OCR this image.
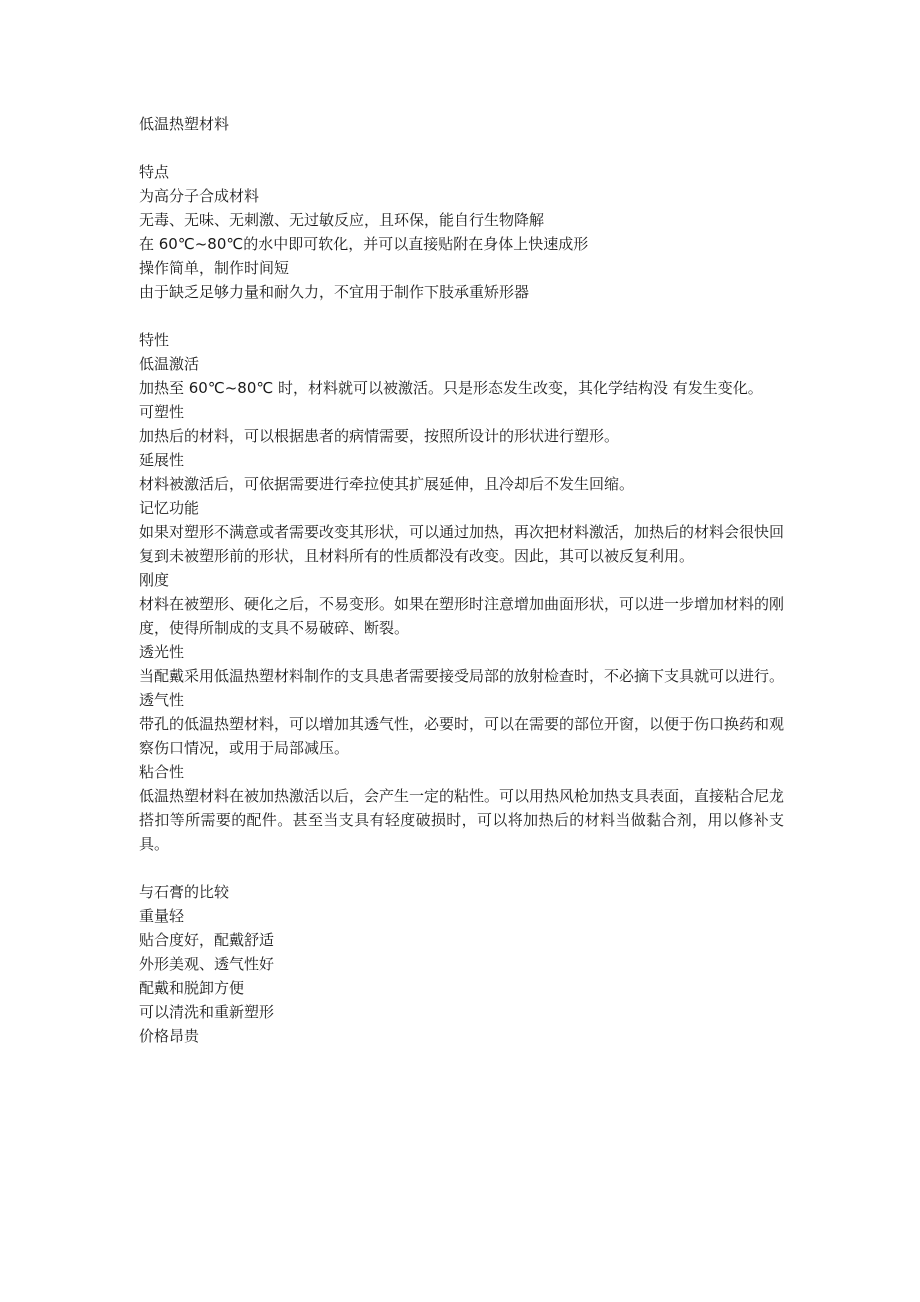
低温热塑材料

特点

为高分子合成材料

无毒、无味、无刺激、无过敏反应，且环保，能自行生物降解

在 60℃~80℃的水中即可软化，并可以直接贴附在身体上快速成形

操作简单，制作时间短

由于缺乏足够力量和耐久力，不宜用于制作下肢承重矫形器

特性

低温激活

加热至 60℃~80℃ 时，材料就可以被激活。只是形态发生改变，其化学结构没 有发生变化。

可塑性

加热后的材料，可以根据患者的病情需要，按照所设计的形状进行塑形。

延展性

材料被激活后，可依据需要进行牵拉使其扩展延伸，且冷却后不发生回缩。

记忆功能

如果对塑形不满意或者需要改变其形状，可以通过加热，再次把材料激活，加热后的材料会很快回复到未被塑形前的形状，且材料所有的性质都没有改变。因此，其可以被反复利用。

刚度

材料在被塑形、硬化之后，不易变形。如果在塑形时注意增加曲面形状，可以进一步增加材料的刚度，使得所制成的支具不易破碎、断裂。

透光性

当配戴采用低温热塑材料制作的支具患者需要接受局部的放射检查时，不必摘下支具就可以进行。

透气性

带孔的低温热塑材料，可以增加其透气性，必要时，可以在需要的部位开窗，以便于伤口换药和观察伤口情况，或用于局部减压。

粘合性

低温热塑材料在被加热激活以后，会产生一定的粘性。可以用热风枪加热支具表面，直接粘合尼龙搭扣等所需要的配件。甚至当支具有轻度破损时，可以将加热后的材料当做黏合剂，用以修补支具。

与石膏的比较

重量轻

贴合度好，配戴舒适

外形美观、透气性好

配戴和脱卸方便

可以清洗和重新塑形

价格昂贵
